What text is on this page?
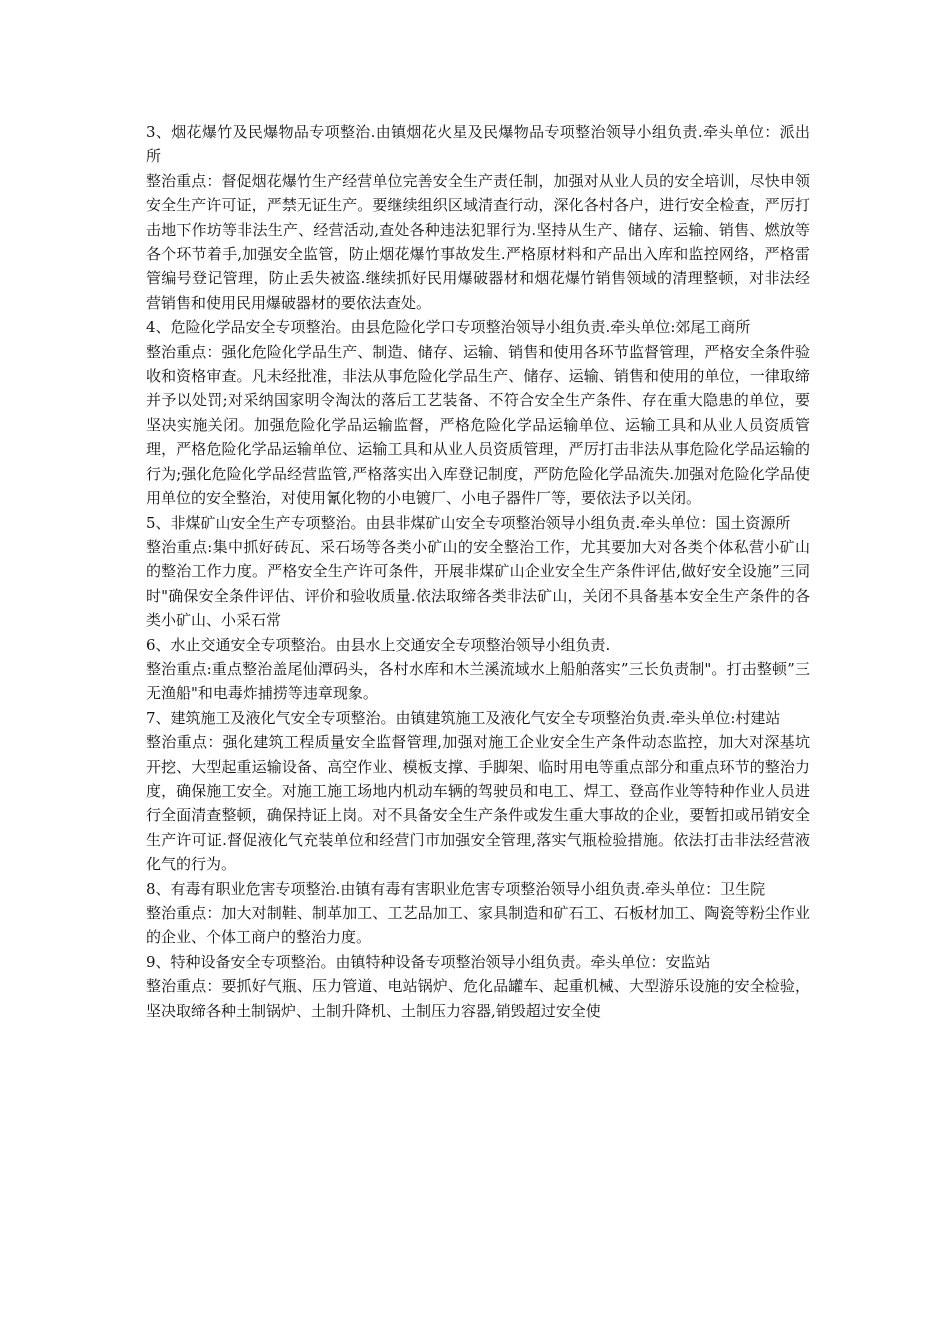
3、烟花爆竹及民爆物品专项整治.由镇烟花火星及民爆物品专项整治领导小组负责.牵头单位：派出所

整治重点：督促烟花爆竹生产经营单位完善安全生产责任制，加强对从业人员的安全培训，尽快申领安全生产许可证，严禁无证生产。要继续组织区域清查行动，深化各村各户，进行安全检查，严厉打击地下作坊等非法生产、经营活动,查处各种违法犯罪行为.坚持从生产、储存、运输、销售、燃放等各个环节着手,加强安全监管，防止烟花爆竹事故发生.严格原材料和产品出入库和监控网络，严格雷管编号登记管理，防止丢失被盗.继续抓好民用爆破器材和烟花爆竹销售领域的清理整顿，对非法经营销售和使用民用爆破器材的要依法查处。

4、危险化学品安全专项整治。由县危险化学口专项整治领导小组负责.牵头单位:郊尾工商所

整治重点：强化危险化学品生产、制造、储存、运输、销售和使用各环节监督管理，严格安全条件验收和资格审查。凡未经批准，非法从事危险化学品生产、储存、运输、销售和使用的单位，一律取缔并予以处罚;对采纳国家明令淘汰的落后工艺装备、不符合安全生产条件、存在重大隐患的单位，要坚决实施关闭。加强危险化学品运输监督，严格危险化学品运输单位、运输工具和从业人员资质管理，严格危险化学品运输单位、运输工具和从业人员资质管理，严厉打击非法从事危险化学品运输的行为;强化危险化学品经营监管,严格落实出入库登记制度，严防危险化学品流失.加强对危险化学品使用单位的安全整治，对使用氰化物的小电镀厂、小电子器件厂等，要依法予以关闭。

5、非煤矿山安全生产专项整治。由县非煤矿山安全专项整治领导小组负责.牵头单位：国土资源所

整治重点:集中抓好砖瓦、采石场等各类小矿山的安全整治工作，尤其要加大对各类个体私营小矿山的整治工作力度。严格安全生产许可条件，开展非煤矿山企业安全生产条件评估,做好安全设施”三同时"确保安全条件评估、评价和验收质量.依法取缔各类非法矿山，关闭不具备基本安全生产条件的各类小矿山、小采石常

6、水止交通安全专项整治。由县水上交通安全专项整治领导小组负责.

整治重点:重点整治盖尾仙潭码头，各村水库和木兰溪流域水上船舶落实”三长负责制"。打击整顿”三无渔船"和电毒炸捕捞等违章现象。

7、建筑施工及液化气安全专项整治。由镇建筑施工及液化气安全专项整治负责.牵头单位:村建站

整治重点：强化建筑工程质量安全监督管理,加强对施工企业安全生产条件动态监控，加大对深基坑开挖、大型起重运输设备、高空作业、模板支撑、手脚架、临时用电等重点部分和重点环节的整治力度，确保施工安全。对施工施工场地内机动车辆的驾驶员和电工、焊工、登高作业等特种作业人员进行全面清查整顿，确保持证上岗。对不具备安全生产条件或发生重大事故的企业，要暂扣或吊销安全生产许可证.督促液化气充装单位和经营门市加强安全管理,落实气瓶检验措施。依法打击非法经营液化气的行为。

8、有毒有职业危害专项整治.由镇有毒有害职业危害专项整治领导小组负责.牵头单位：卫生院

整治重点：加大对制鞋、制革加工、工艺品加工、家具制造和矿石工、石板材加工、陶瓷等粉尘作业的企业、个体工商户的整治力度。

9、特种设备安全专项整治。由镇特种设备专项整治领导小组负责。牵头单位：安监站

整治重点：要抓好气瓶、压力管道、电站锅炉、危化品罐车、起重机械、大型游乐设施的安全检验，坚决取缔各种土制锅炉、土制升降机、土制压力容器,销毁超过安全使
